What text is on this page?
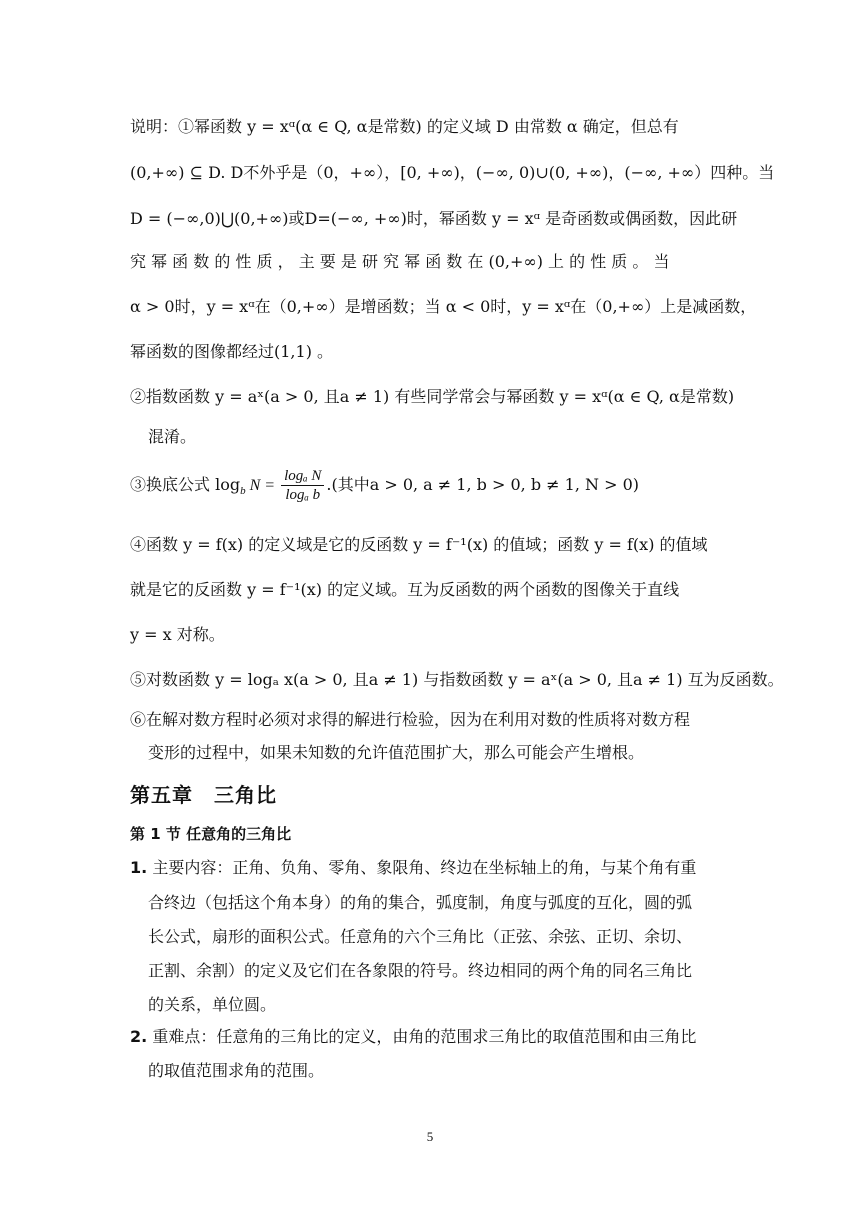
说明：①幂函数 y = xᵅ(α ∈ Q, α是常数) 的定义域 D 由常数 α 确定，但总有
(0,+∞) ⊆ D. D不外乎是（0，+∞），[0, +∞)，(−∞, 0)∪(0, +∞)，(−∞, +∞）四种。当
D = (−∞,0)⋃(0,+∞)或D=(−∞, +∞)时，幂函数 y = xᵅ 是奇函数或偶函数，因此研
究 幂 函 数 的 性 质 ， 主 要 是 研 究 幂 函 数 在 (0,+∞) 上 的 性 质 。 当
α > 0时，y = xᵅ在（0,+∞）是增函数；当 α < 0时，y = xᵅ在（0,+∞）上是减函数，
幂函数的图像都经过(1,1) 。
②指数函数 y = aˣ(a > 0, 且a ≠ 1) 有些同学常会与幂函数 y = xᵅ(α ∈ Q, α是常数)
混淆。
③换底公式 $\log_b N = \frac{\text{logₐ N}}{\text{logₐ b}}$ .(其中a > 0, a ≠ 1, b > 0, b ≠ 1, N > 0)
④函数 y = f(x) 的定义域是它的反函数 y = f⁻¹(x) 的值域；函数 y = f(x) 的值域
就是它的反函数 y = f⁻¹(x) 的定义域。互为反函数的两个函数的图像关于直线
y = x 对称。
⑤对数函数 y = logₐ x(a > 0, 且a ≠ 1) 与指数函数 y = aˣ(a > 0, 且a ≠ 1) 互为反函数。
⑥在解对数方程时必须对求得的解进行检验，因为在利用对数的性质将对数方程
变形的过程中，如果未知数的允许值范围扩大，那么可能会产生增根。
第五章　三角比
第 1 节 任意角的三角比
1. 主要内容：正角、负角、零角、象限角、终边在坐标轴上的角，与某个角有重
合终边（包括这个角本身）的角的集合，弧度制，角度与弧度的互化，圆的弧
长公式，扇形的面积公式。任意角的六个三角比（正弦、余弦、正切、余切、
正割、余割）的定义及它们在各象限的符号。终边相同的两个角的同名三角比
的关系，单位圆。
2. 重难点：任意角的三角比的定义，由角的范围求三角比的取值范围和由三角比
的取值范围求角的范围。
5
